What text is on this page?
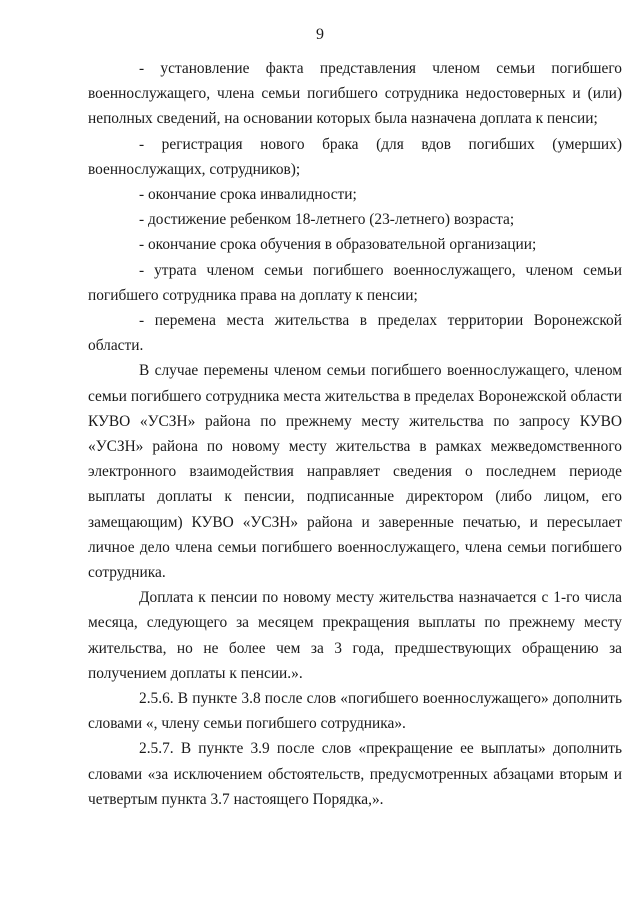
9

- установление факта представления членом семьи погибшего военнослужащего, члена семьи погибшего сотрудника недостоверных и (или) неполных сведений, на основании которых была назначена доплата к пенсии;

- регистрация нового брака (для вдов погибших (умерших) военнослужащих, сотрудников);

- окончание срока инвалидности;

- достижение ребенком 18-летнего (23-летнего) возраста;

- окончание срока обучения в образовательной организации;

- утрата членом семьи погибшего военнослужащего, членом семьи погибшего сотрудника права на доплату к пенсии;

- перемена места жительства в пределах территории Воронежской области.

В случае перемены членом семьи погибшего военнослужащего, членом семьи погибшего сотрудника места жительства в пределах Воронежской области КУВО «УСЗН» района по прежнему месту жительства по запросу КУВО «УСЗН» района по новому месту жительства в рамках межведомственного электронного взаимодействия направляет сведения о последнем периоде выплаты доплаты к пенсии, подписанные директором (либо лицом, его замещающим) КУВО «УСЗН» района и заверенные печатью, и пересылает личное дело члена семьи погибшего военнослужащего, члена семьи погибшего сотрудника.

Доплата к пенсии по новому месту жительства назначается с 1-го числа месяца, следующего за месяцем прекращения выплаты по прежнему месту жительства, но не более чем за 3 года, предшествующих обращению за получением доплаты к пенсии.».

2.5.6. В пункте 3.8 после слов «погибшего военнослужащего» дополнить словами «, члену семьи погибшего сотрудника».

2.5.7. В пункте 3.9 после слов «прекращение ее выплаты» дополнить словами «за исключением обстоятельств, предусмотренных абзацами вторым и четвертым пункта 3.7 настоящего Порядка,».
